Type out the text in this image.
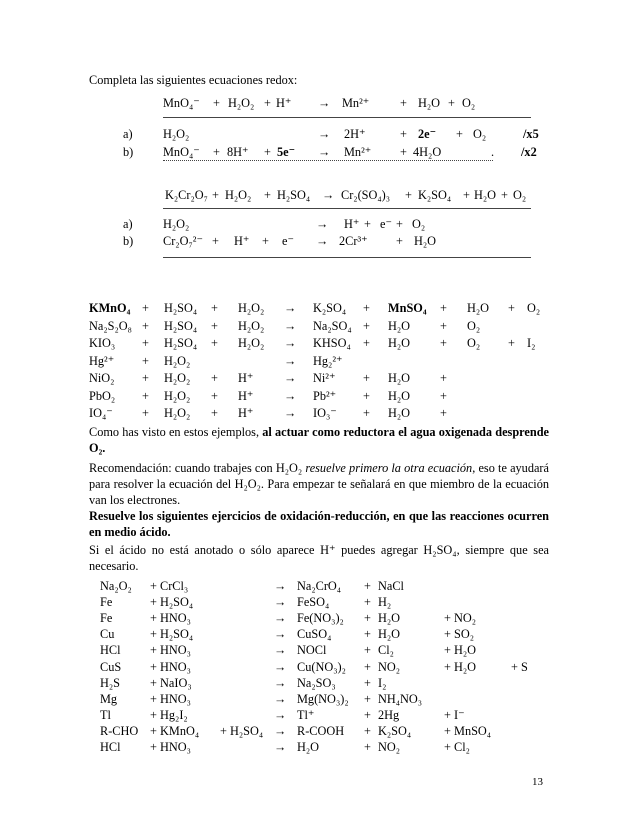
Completa las siguientes ecuaciones redox:
MnO₄⁻ + H₂O₂ + H⁺ → Mn²⁺ + H₂O + O₂
a) H₂O₂	→ 2H⁺	+ 2e⁻ + O₂	/x5
b) MnO₄⁻ + 8H⁺ + 5e⁻ → Mn²⁺ + 4H₂O	. /x2
K₂Cr₂O₇ + H₂O₂ + H₂SO₄ → Cr₂(SO₄)₃ + K₂SO₄ + H₂O + O₂
a) H₂O₂	→ H⁺ + e⁻ + O₂
b) Cr₂O₇²⁻ + H⁺ + e⁻ → 2Cr³⁺ + H₂O
KMnO₄ + H₂SO₄ + H₂O₂ → K₂SO₄ + MnSO₄ + H₂O + O₂
Na₂S₂O₈ + H₂SO₄ + H₂O₂ → Na₂SO₄ + H₂O + O₂
KIO₃ + H₂SO₄ + H₂O₂ → KHSO₄ + H₂O + O₂ + I₂
Hg²⁺ + H₂O₂	→ Hg₂²⁺
NiO₂ + H₂O₂ + H⁺ → Ni²⁺ + H₂O +
PbO₂ + H₂O₂ + H⁺ → Pb²⁺ + H₂O +
IO₄⁻ + H₂O₂ + H⁺ → IO₃⁻ + H₂O +

Como has visto en estos ejemplos, al actuar como reductora el agua oxigenada desprende O₂.

Recomendación: cuando trabajes con H₂O₂ resuelve primero la otra ecuación, eso te ayudará para resolver la ecuación del H₂O₂. Para empezar te señalará en que miembro de la ecuación van los electrones.

Resuelve los siguientes ejercicios de oxidación-reducción, en que las reacciones ocurren en medio ácido.

Si el ácido no está anotado o sólo aparece H⁺ puedes agregar H₂SO₄, siempre que sea necesario.

Na₂O₂ + CrCl₃	→ Na₂CrO₄ + NaCl
Fe	+ H₂SO₄	→ FeSO₄	+ H₂
Fe	+ HNO₃	→ Fe(NO₃)₂ + H₂O	+ NO₂
Cu	+ H₂SO₄	→ CuSO₄	+ H₂O	+ SO₂
HCl + HNO₃	→ NOCl	+ Cl₂	+ H₂O
CuS + HNO₃	→ Cu(NO₃)₂ + NO₂	+ H₂O	+ S
H₂S + NaIO₃	→ Na₂SO₃ + I₂
Mg	+ HNO₃	→ Mg(NO₃)₂ + NH₄NO₃
Tl	+ Hg₂I₂	→ Tl⁺	+ 2Hg	+ I⁻
R-CHO + KMnO₄ + H₂SO₄ → R-COOH + K₂SO₄	+ MnSO₄
HCl + HNO₃	→ H₂O	+ NO₂	+ Cl₂
13
